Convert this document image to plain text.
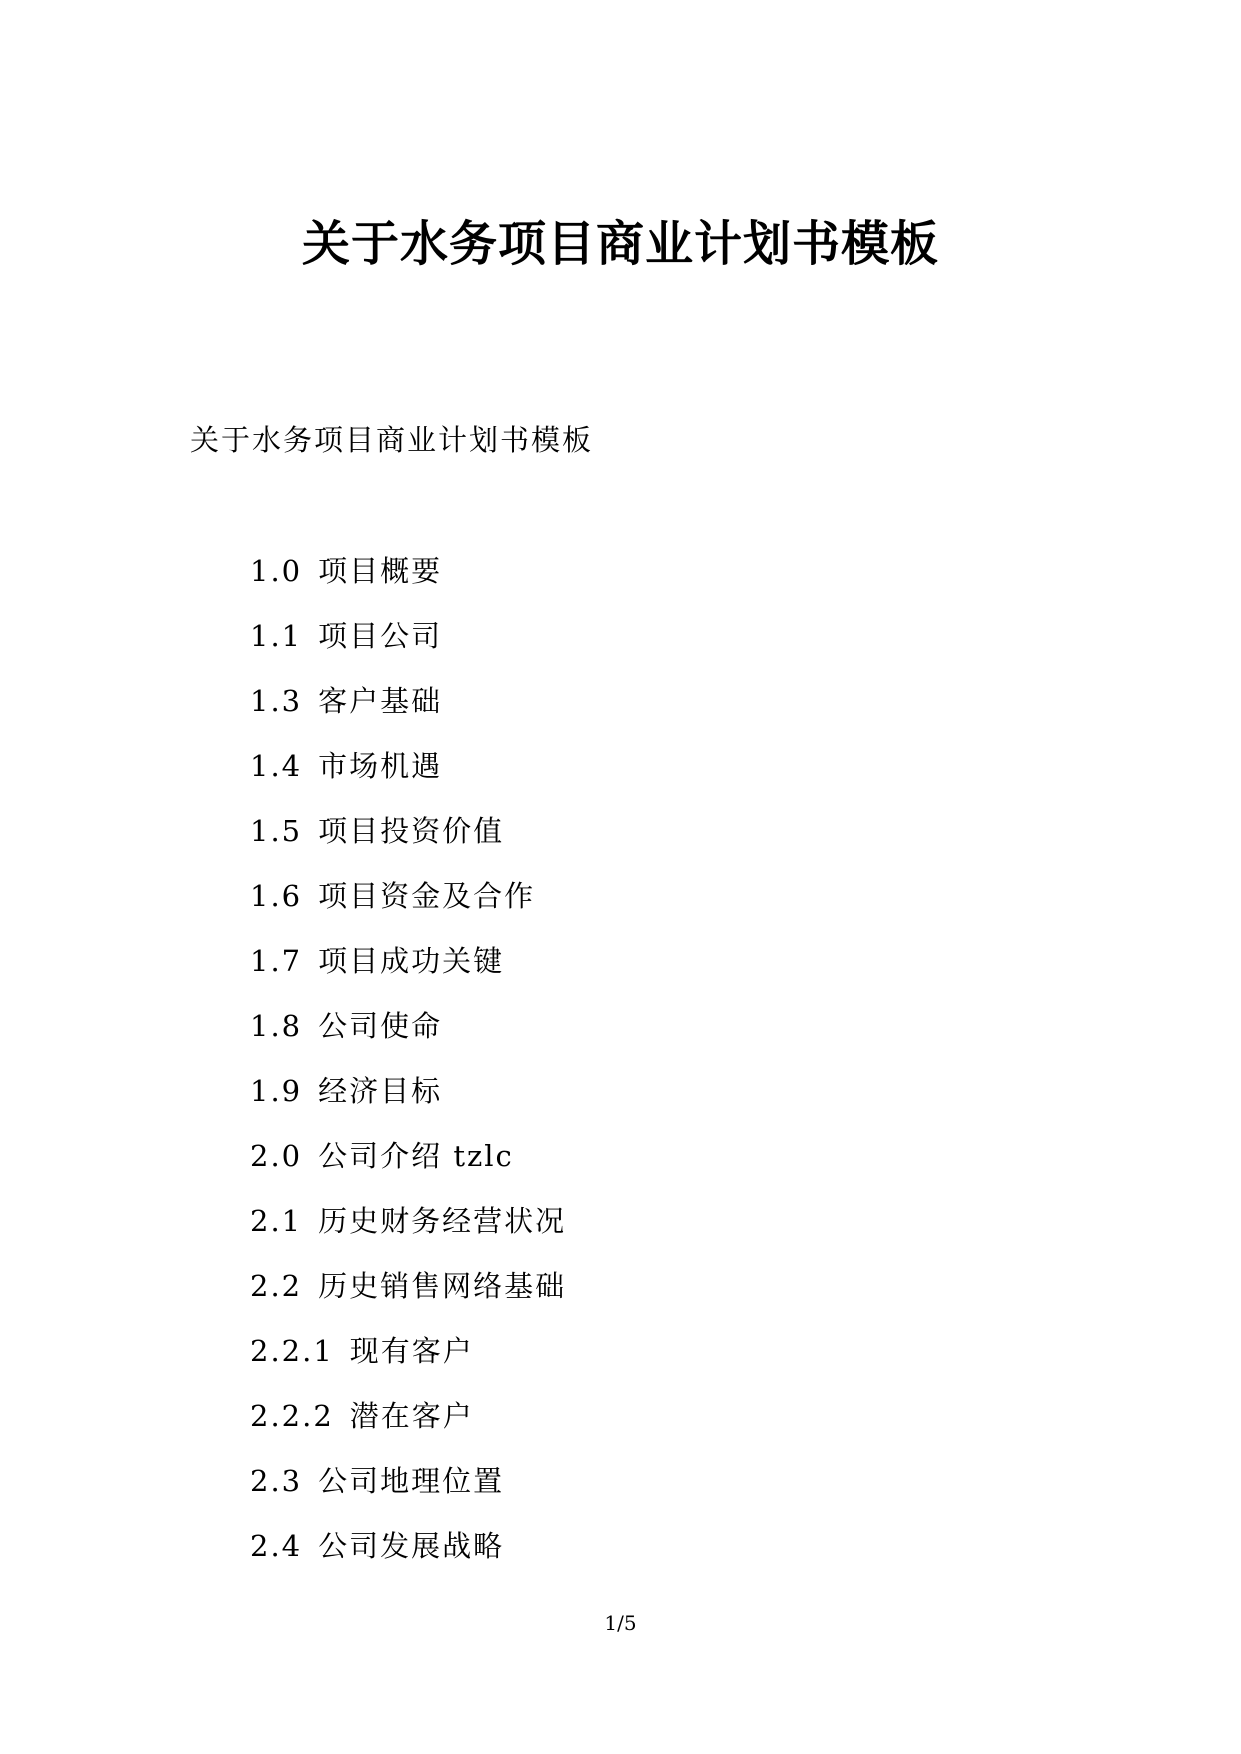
关于水务项目商业计划书模板

关于水务项目商业计划书模板

1.0 项目概要
1.1 项目公司
1.3 客户基础
1.4 市场机遇
1.5 项目投资价值
1.6 项目资金及合作
1.7 项目成功关键
1.8 公司使命
1.9 经济目标
2.0 公司介绍 tzlc
2.1 历史财务经营状况
2.2 历史销售网络基础
2.2.1 现有客户
2.2.2 潜在客户
2.3 公司地理位置
2.4 公司发展战略

1/5
